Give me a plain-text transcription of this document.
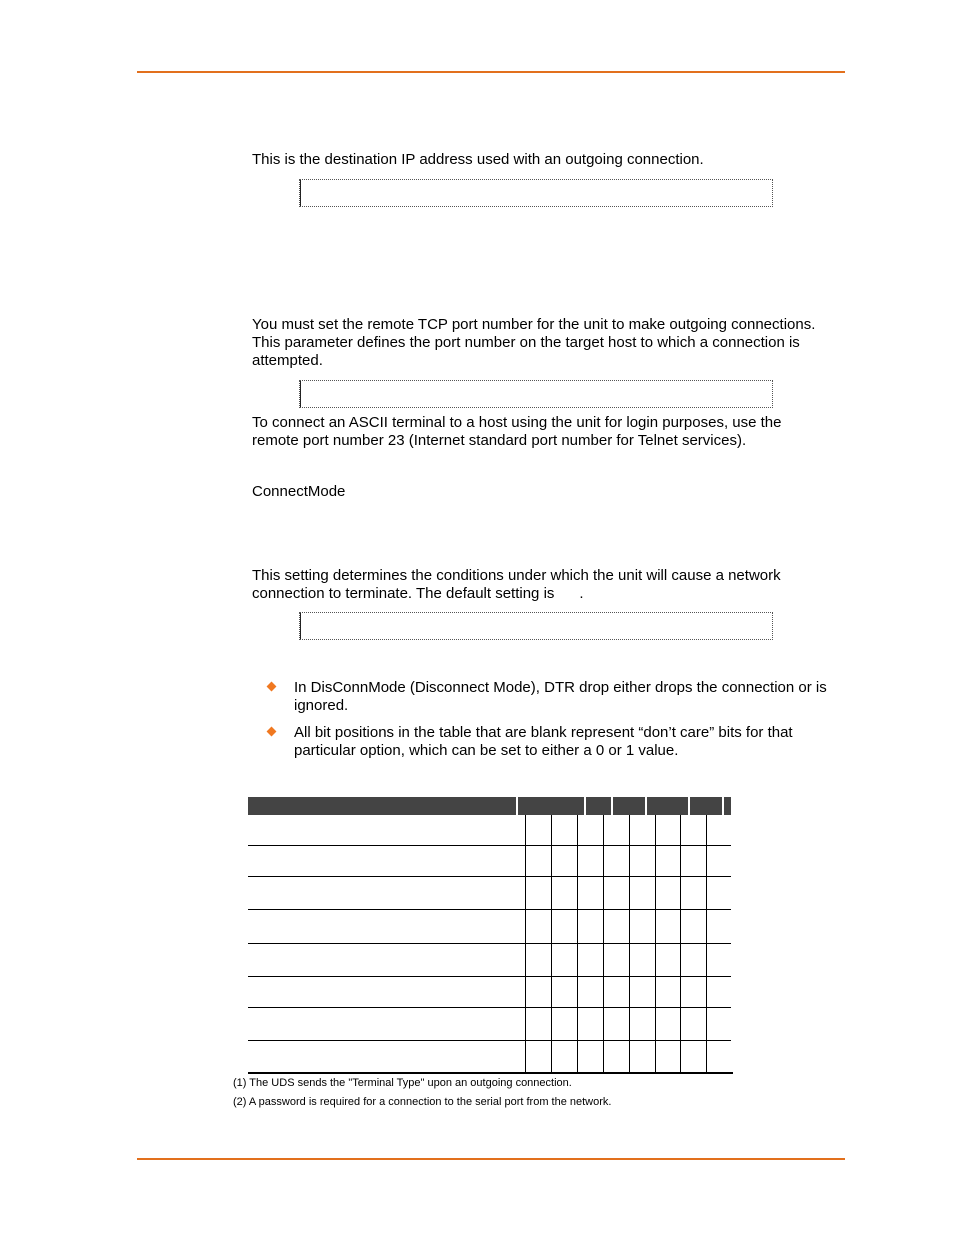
This is the destination IP address used with an outgoing connection.

You must set the remote TCP port number for the unit to make outgoing connections.

This parameter defines the port number on the target host to which a connection is

attempted.

To connect an ASCII terminal to a host using the unit for login purposes, use the

remote port number 23 (Internet standard port number for Telnet services).

ConnectMode

This setting determines the conditions under which the unit will cause a network

connection to terminate. The default setting is      .

In DisConnMode (Disconnect Mode), DTR drop either drops the connection or is ignored.
All bit positions in the table that are blank represent “don’t care” bits for that particular option, which can be set to either a 0 or 1 value.
(1) The UDS sends the "Terminal Type" upon an outgoing connection.
(2) A password is required for a connection to the serial port from the network.
